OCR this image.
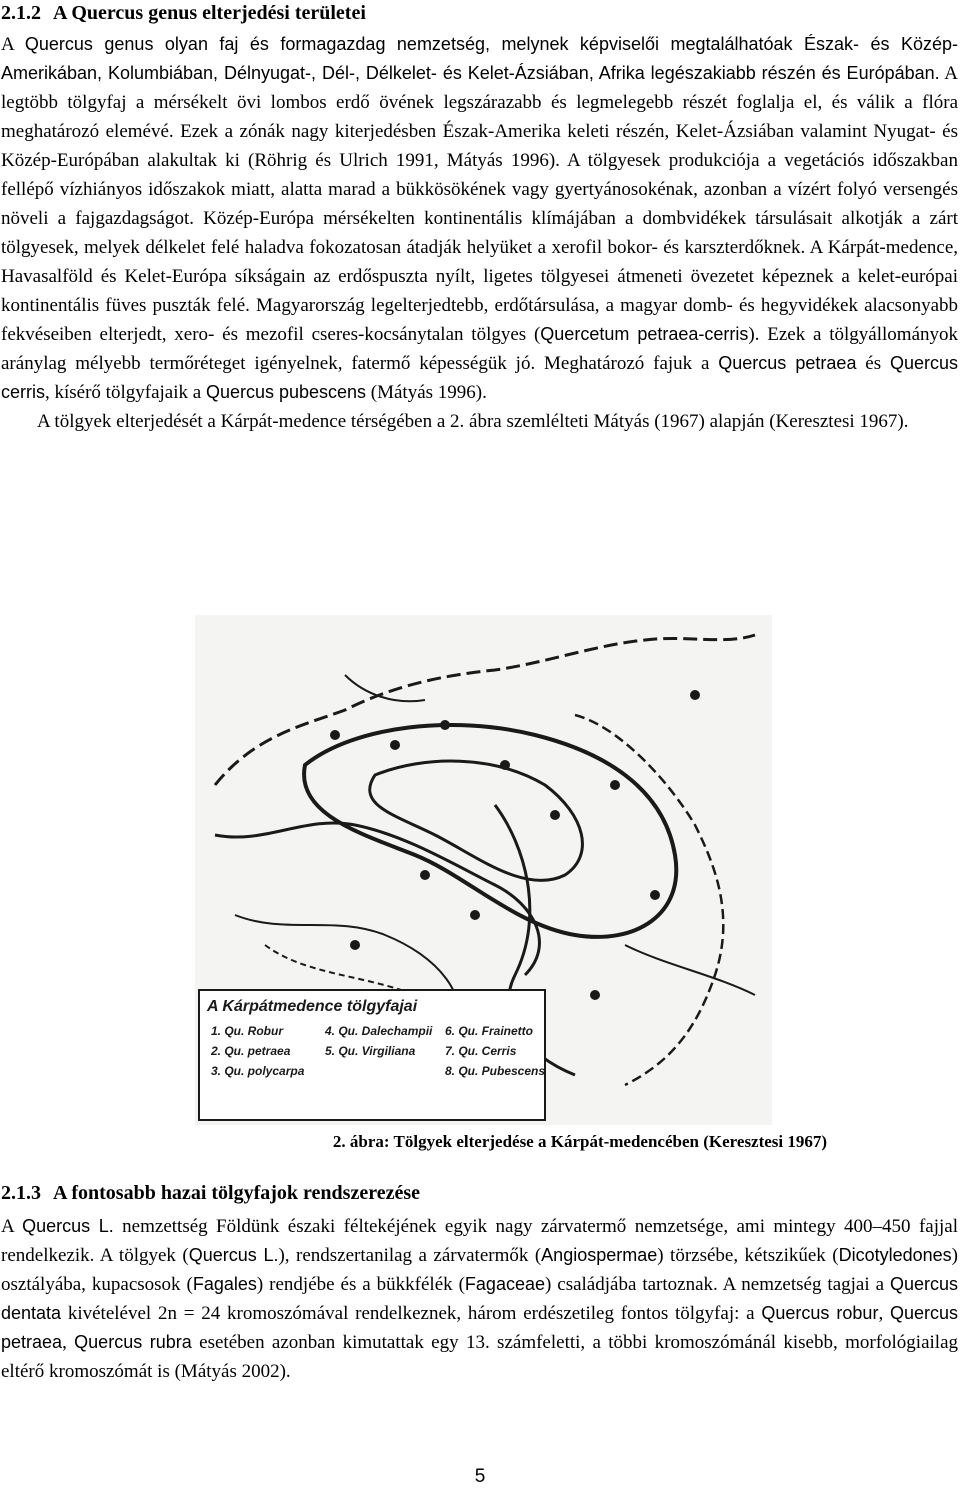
2.1.2 A Quercus genus elterjedési területei

A Quercus genus olyan faj és formagazdag nemzetség, melynek képviselői megtalálhatóak Észak- és Közép-Amerikában, Kolumbiában, Délnyugat-, Dél-, Délkelet- és Kelet-Ázsiában, Afrika legészakiabb részén és Európában. A legtöbb tölgyfaj a mérsékelt övi lombos erdő övének legszárazabb és legmelegebb részét foglalja el, és válik a flóra meghatározó elemévé. Ezek a zónák nagy kiterjedésben Észak-Amerika keleti részén, Kelet-Ázsiában valamint Nyugat- és Közép-Európában alakultak ki (Röhrig és Ulrich 1991, Mátyás 1996). A tölgyesek produkciója a vegetációs időszakban fellépő vízhiányos időszakok miatt, alatta marad a bükkösökének vagy gyertyánosokénak, azonban a vízért folyó versengés növeli a fajgazdagságot. Közép-Európa mérsékelten kontinentális klímájában a dombvidékek társulásait alkotják a zárt tölgyesek, melyek délkelet felé haladva fokozatosan átadják helyüket a xerofil bokor- és karszterdőknek. A Kárpát-medence, Havasalföld és Kelet-Európa síkságain az erdőspuszta nyílt, ligetes tölgyesei átmeneti övezetet képeznek a kelet-európai kontinentális füves puszták felé. Magyarország legelterjedtebb, erdőtársulása, a magyar domb- és hegyvidékek alacsonyabb fekvéseiben elterjedt, xero- és mezofil cseres-kocsánytalan tölgyes (Quercetum petraea-cerris). Ezek a tölgyállományok aránylag mélyebb termőréteget igényelnek, fatermő képességük jó. Meghatározó fajuk a Quercus petraea és Quercus cerris, kísérő tölgyfajaik a Quercus pubescens (Mátyás 1996).

A tölgyek elterjedését a Kárpát-medence térségében a 2. ábra szemlélteti Mátyás (1967) alapján (Keresztesi 1967).

A Kárpátmedence tölgyfajai
1. Qu. Robur
2. Qu. petraea
3. Qu. polycarpa
4. Qu. Dalechampii
5. Qu. Virgiliana
6. Qu. Frainetto
7. Qu. Cerris
8. Qu. Pubescens
2. ábra: Tölgyek elterjedése a Kárpát-medencében (Keresztesi 1967)
2.1.3 A fontosabb hazai tölgyfajok rendszerezése

A Quercus L. nemzettség Földünk északi féltekéjének egyik nagy zárvatermő nemzetsége, ami mintegy 400–450 fajjal rendelkezik. A tölgyek (Quercus L.), rendszertanilag a zárvatermők (Angiospermae) törzsébe, kétszikűek (Dicotyledones) osztályába, kupacsosok (Fagales) rendjébe és a bükkfélék (Fagaceae) családjába tartoznak. A nemzetség tagjai a Quercus dentata kivételével 2n = 24 kromoszómával rendelkeznek, három erdészetileg fontos tölgyfaj: a Quercus robur, Quercus petraea, Quercus rubra esetében azonban kimutattak egy 13. számfeletti, a többi kromoszómánál kisebb, morfológiailag eltérő kromoszómát is (Mátyás 2002).

5
